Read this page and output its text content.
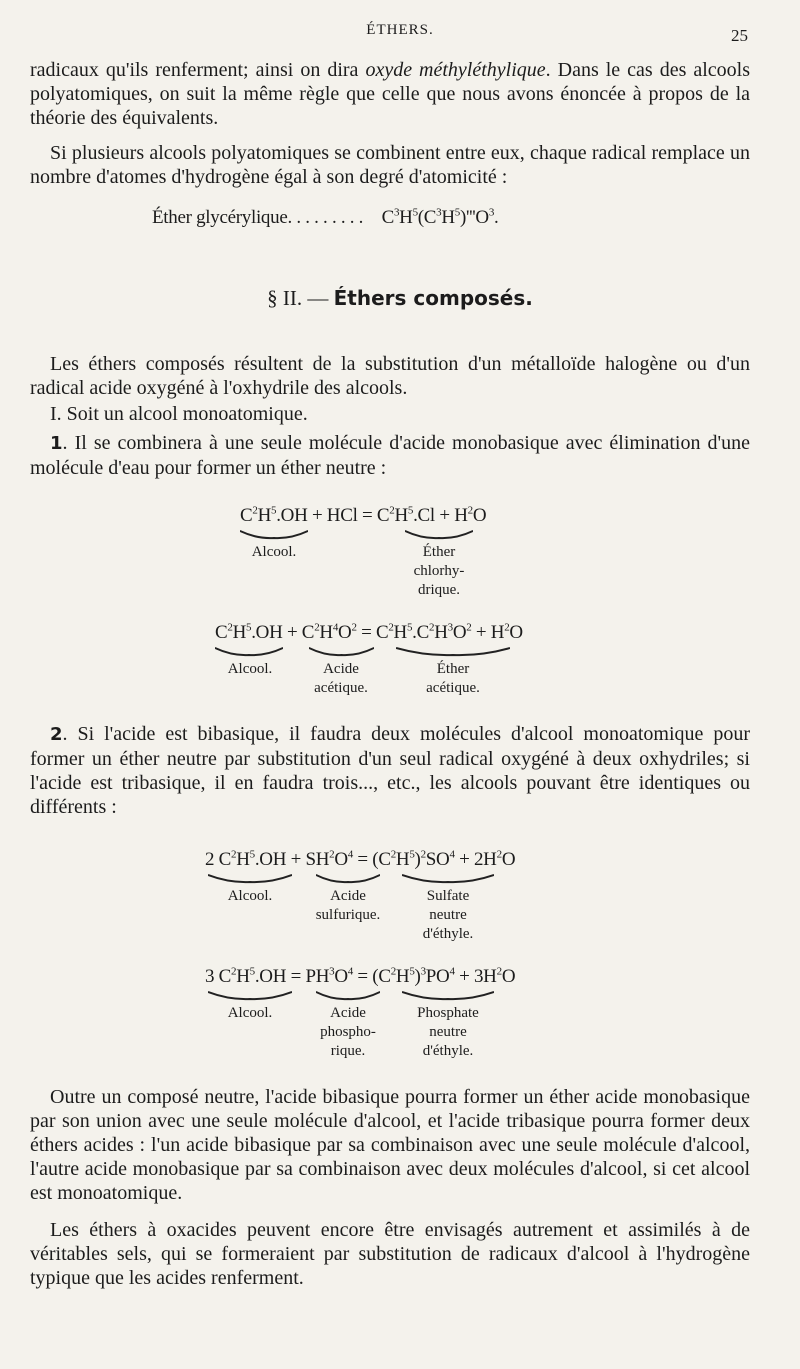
ÉTHERS.	25

radicaux qu'ils renferment; ainsi on dira oxyde méthyléthylique. Dans le cas des alcools polyatomiques, on suit la même règle que celle que nous avons énoncée à propos de la théorie des équivalents.

Si plusieurs alcools polyatomiques se combinent entre eux, chaque radical remplace un nombre d'atomes d'hydrogène égal à son degré d'atomicité :

Éther glycérylique. . . . . . . . . $C^3H^5(C^3H^5)'''O^3$.
§ II. — Éthers composés.

Les éthers composés résultent de la substitution d'un métalloïde halogène ou d'un radical acide oxygéné à l'oxhydrile des alcools.

I. Soit un alcool monoatomique.

1. Il se combinera à une seule molécule d'acide monobasique avec élimination d'une molécule d'eau pour former un éther neutre :

$C^2H^5.OH$ + HCl = $C^2H^5.Cl + H^2O$
Alcool.	Éther
chlorhy-
drique.
$C^2H^5.OH + C^2H^4O^2 = C^2H^5.C^2H^3O^2 + H^2O$
Alcool.	Acide
acétique.
Éther
acétique.

2. Si l'acide est bibasique, il faudra deux molécules d'alcool monoatomique pour former un éther neutre par substitution d'un seul radical oxygéné à deux oxhydriles; si l'acide est tribasique, il en faudra trois..., etc., les alcools pouvant être identiques ou différents :

2 $C^2H^5.OH + SH^2O^4 = (C^2H^5)^2SO^4 + 2H^2O$
Alcool.	Acide
sulfurique.
Sulfate
neutre
d'éthyle.
3 $C^2H^5.OH = PH^3O^4 = (C^2H^5)^3PO^4 + 3H^2O$
Alcool.	Acide
phospho-
rique.
Phosphate
neutre
d'éthyle.

Outre un composé neutre, l'acide bibasique pourra former un éther acide monobasique par son union avec une seule molécule d'alcool, et l'acide tribasique pourra former deux éthers acides : l'un acide bibasique par sa combinaison avec une seule molécule d'alcool, l'autre acide monobasique par sa combinaison avec deux molécules d'alcool, si cet alcool est monoatomique.

Les éthers à oxacides peuvent encore être envisagés autrement et assimilés à de véritables sels, qui se formeraient par substitution de radicaux d'alcool à l'hydrogène typique que les acides renferment.
